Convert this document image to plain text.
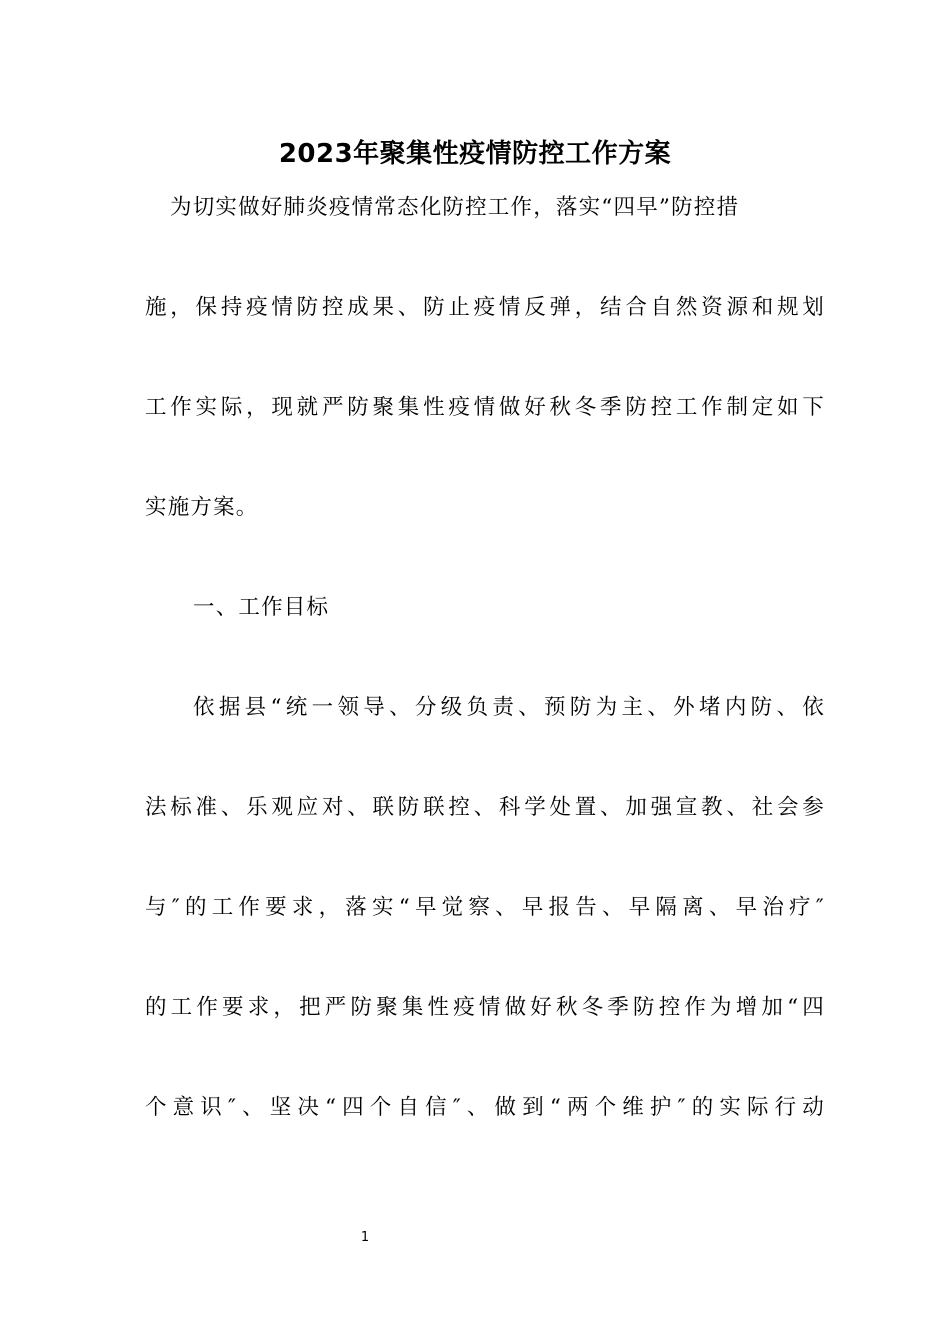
2023年聚集性疫情防控工作方案
为切实做好肺炎疫情常态化防控工作，落实“四早”防控措
施，保持疫情防控成果、防止疫情反弹，结合自然资源和规划
工作实际，现就严防聚集性疫情做好秋冬季防控工作制定如下
实施方案。
一、工作目标
依据县“统一领导、分级负责、预防为主、外堵内防、依
法标准、乐观应对、联防联控、科学处置、加强宣教、社会参
与″的工作要求，落实“早觉察、早报告、早隔离、早治疗″
的工作要求，把严防聚集性疫情做好秋冬季防控作为增加“四
个意识″、坚决“四个自信″、做到“两个维护″的实际行动
1
